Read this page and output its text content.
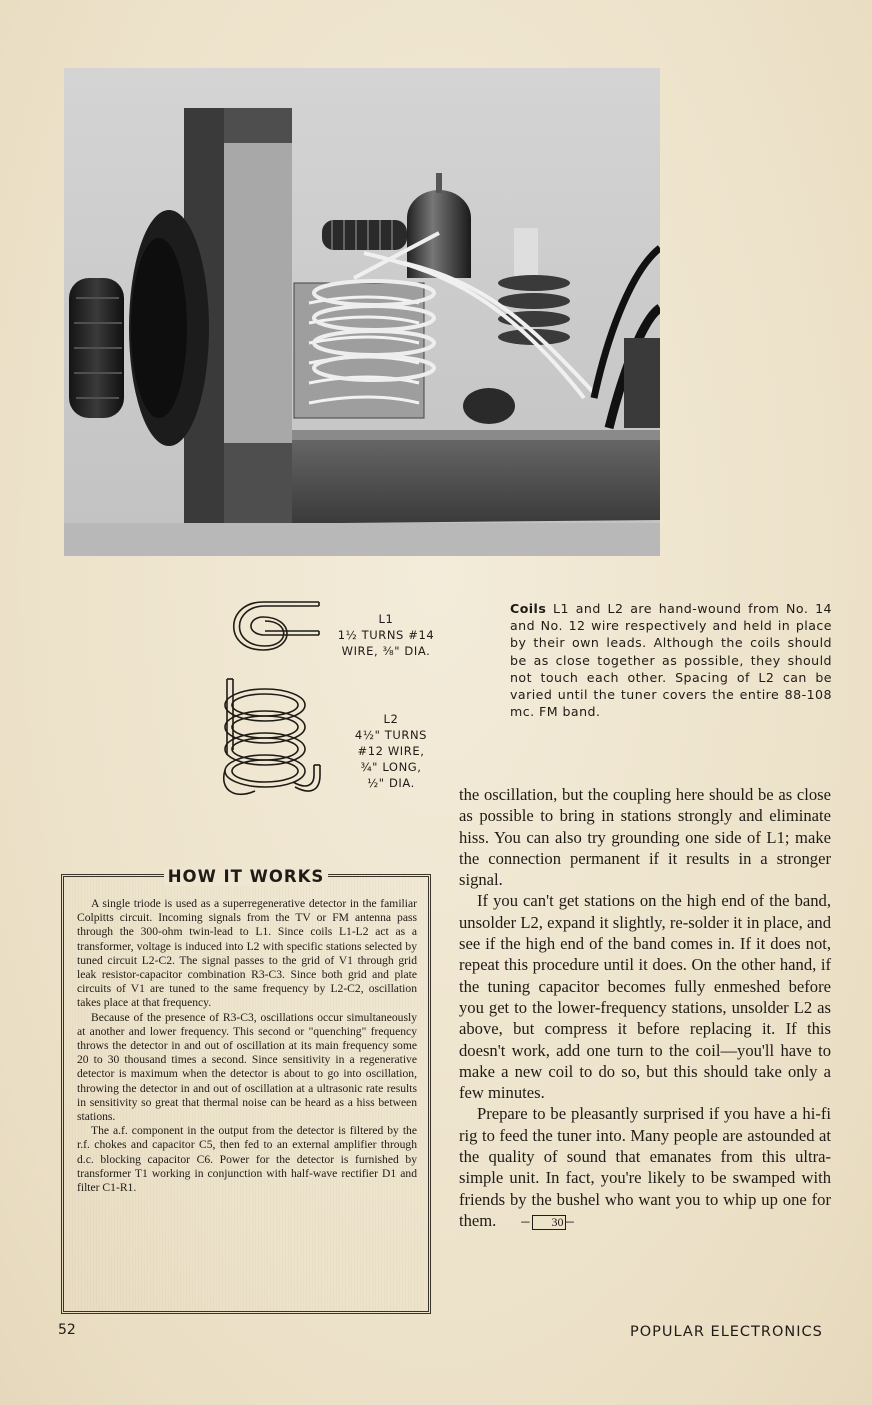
L1
1½ TURNS #14
WIRE, ⅜" DIA.
L2
4½" TURNS
#12 WIRE,
¾" LONG,
½" DIA.
Coils L1 and L2 are hand-wound from No. 14 and No. 12 wire respectively and held in place by their own leads. Although the coils should be as close together as possible, they should not touch each other. Spacing of L2 can be varied until the tuner covers the entire 88-108 mc. FM band.
HOW IT WORKS

A single triode is used as a superregenerative detector in the familiar Colpitts circuit. Incoming signals from the TV or FM antenna pass through the 300-ohm twin-lead to L1. Since coils L1-L2 act as a transformer, voltage is induced into L2 with specific stations selected by tuned circuit L2-C2. The signal passes to the grid of V1 through grid leak resistor-capacitor combination R3-C3. Since both grid and plate circuits of V1 are tuned to the same frequency by L2-C2, oscillation takes place at that frequency.

Because of the presence of R3-C3, oscillations occur simultaneously at another and lower frequency. This second or "quenching" frequency throws the detector in and out of oscillation at its main frequency some 20 to 30 thousand times a second. Since sensitivity in a regenerative detector is maximum when the detector is about to go into oscillation, throwing the detector in and out of oscillation at a ultrasonic rate results in sensitivity so great that thermal noise can be heard as a hiss between stations.

The a.f. component in the output from the detector is filtered by the r.f. chokes and capacitor C5, then fed to an external amplifier through d.c. blocking capacitor C6. Power for the detector is furnished by transformer T1 working in conjunction with half-wave rectifier D1 and filter C1-R1.

the oscillation, but the coupling here should be as close as possible to bring in stations strongly and eliminate hiss. You can also try grounding one side of L1; make the connection permanent if it results in a stronger signal.

If you can't get stations on the high end of the band, unsolder L2, expand it slightly, re-solder it in place, and see if the high end of the band comes in. If it does not, repeat this procedure until it does. On the other hand, if the tuning capacitor becomes fully enmeshed before you get to the lower-frequency stations, unsolder L2 as above, but compress it before replacing it. If this doesn't work, add one turn to the coil—you'll have to make a new coil to do so, but this should take only a few minutes.

Prepare to be pleasantly surprised if you have a hi-fi rig to feed the tuner into. Many people are astounded at the quality of sound that emanates from this ultra-simple unit. In fact, you're likely to be swamped with friends by the bushel who want you to whip up one for them.      – 30 –

52	POPULAR ELECTRONICS
